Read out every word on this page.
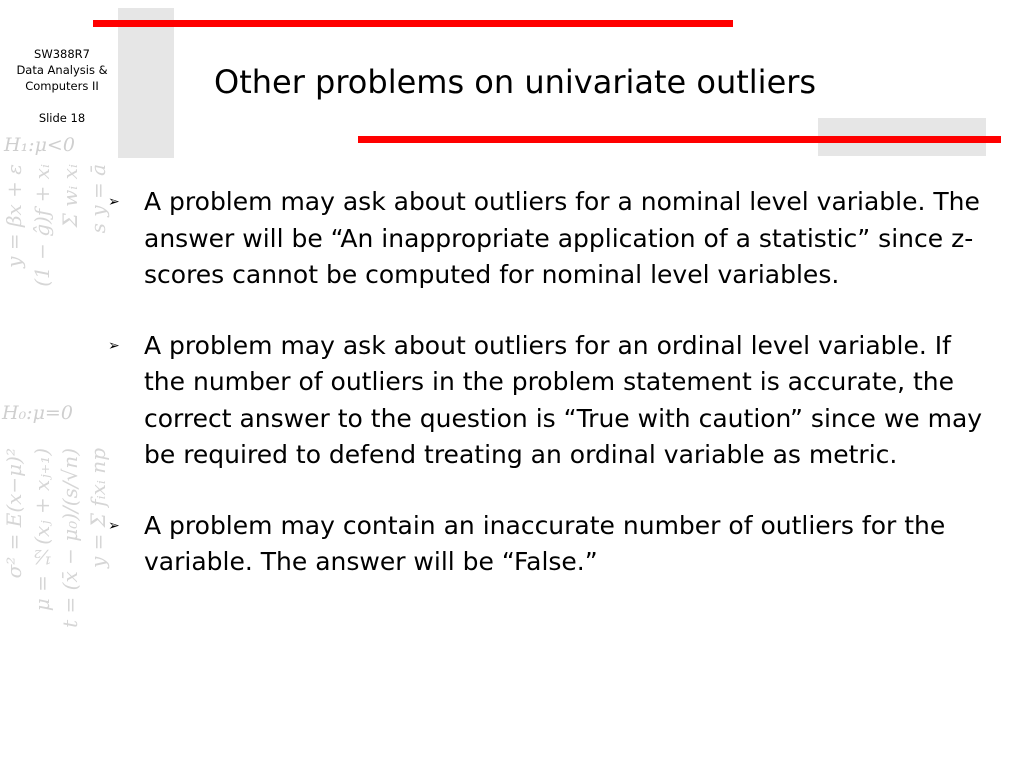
H₁:μ<0
y = βx + ε (1 − ĝ)ƒ + xᵢ Σ wᵢ xᵢ s y = ā
H₀:μ=0
σ² = E(x−μ)² μ = ½(xⱼ + xⱼ₊₁) t = (x̄ − μ₀)/(s/√n) y = Σ fᵢxᵢ np
SW388R7
Data Analysis &
Computers II
Slide 18
Other problems on univariate outliers
➢ A problem may ask about outliers for a nominal level variable. The answer will be “An inappropriate application of a statistic” since z-scores cannot be computed for nominal level variables.
➢ A problem may ask about outliers for an ordinal level variable. If the number of outliers in the problem statement is accurate, the correct answer to the question is “True with caution” since we may be required to defend treating an ordinal variable as metric.
➢ A problem may contain an inaccurate number of outliers for the variable. The answer will be “False.”
